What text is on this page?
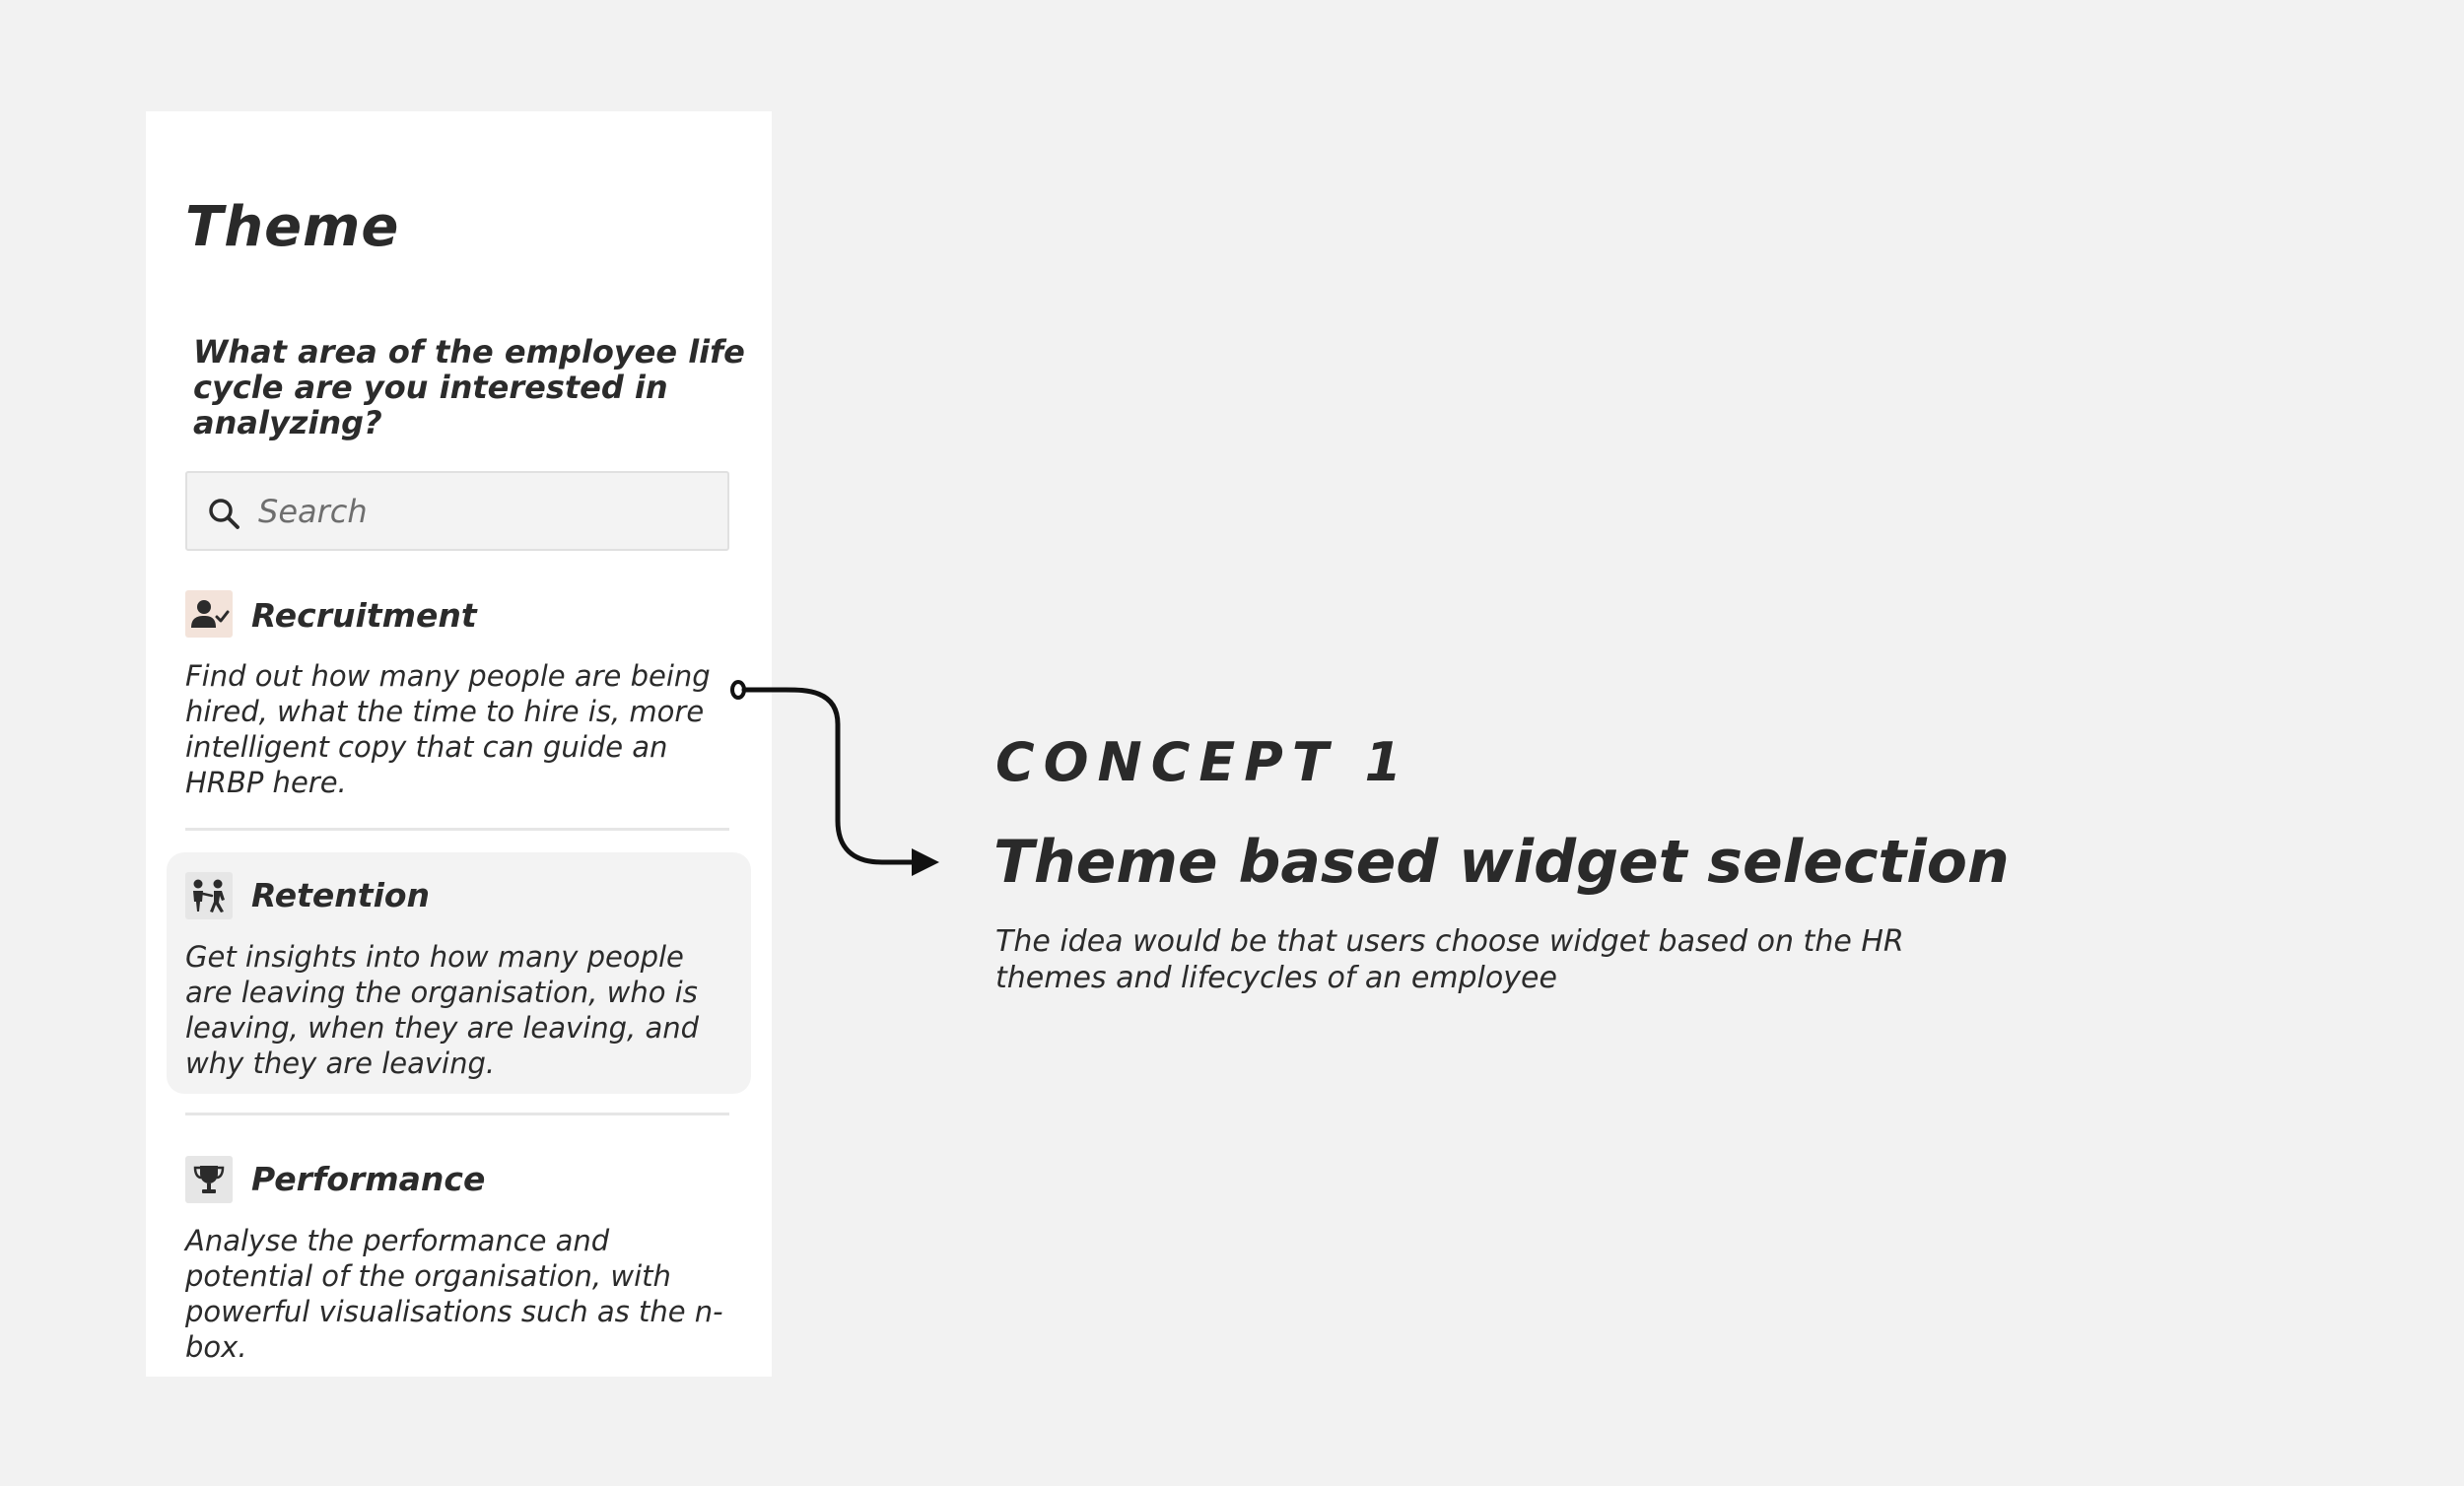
Theme

What area of the employee life cycle are you interested in analyzing?

Search
Recruitment
Find out how many people are being hired, what the time to hire is, more intelligent copy that can guide an HRBP here.
Retention
Get insights into how many people are leaving the organisation, who is leaving, when they are leaving, and why they are leaving.
Performance
Analyse the performance and potential of the organisation, with powerful visualisations such as the n-box.
CONCEPT 1
Theme based widget selection
The idea would be that users choose widget based on the HR themes and lifecycles of an employee
